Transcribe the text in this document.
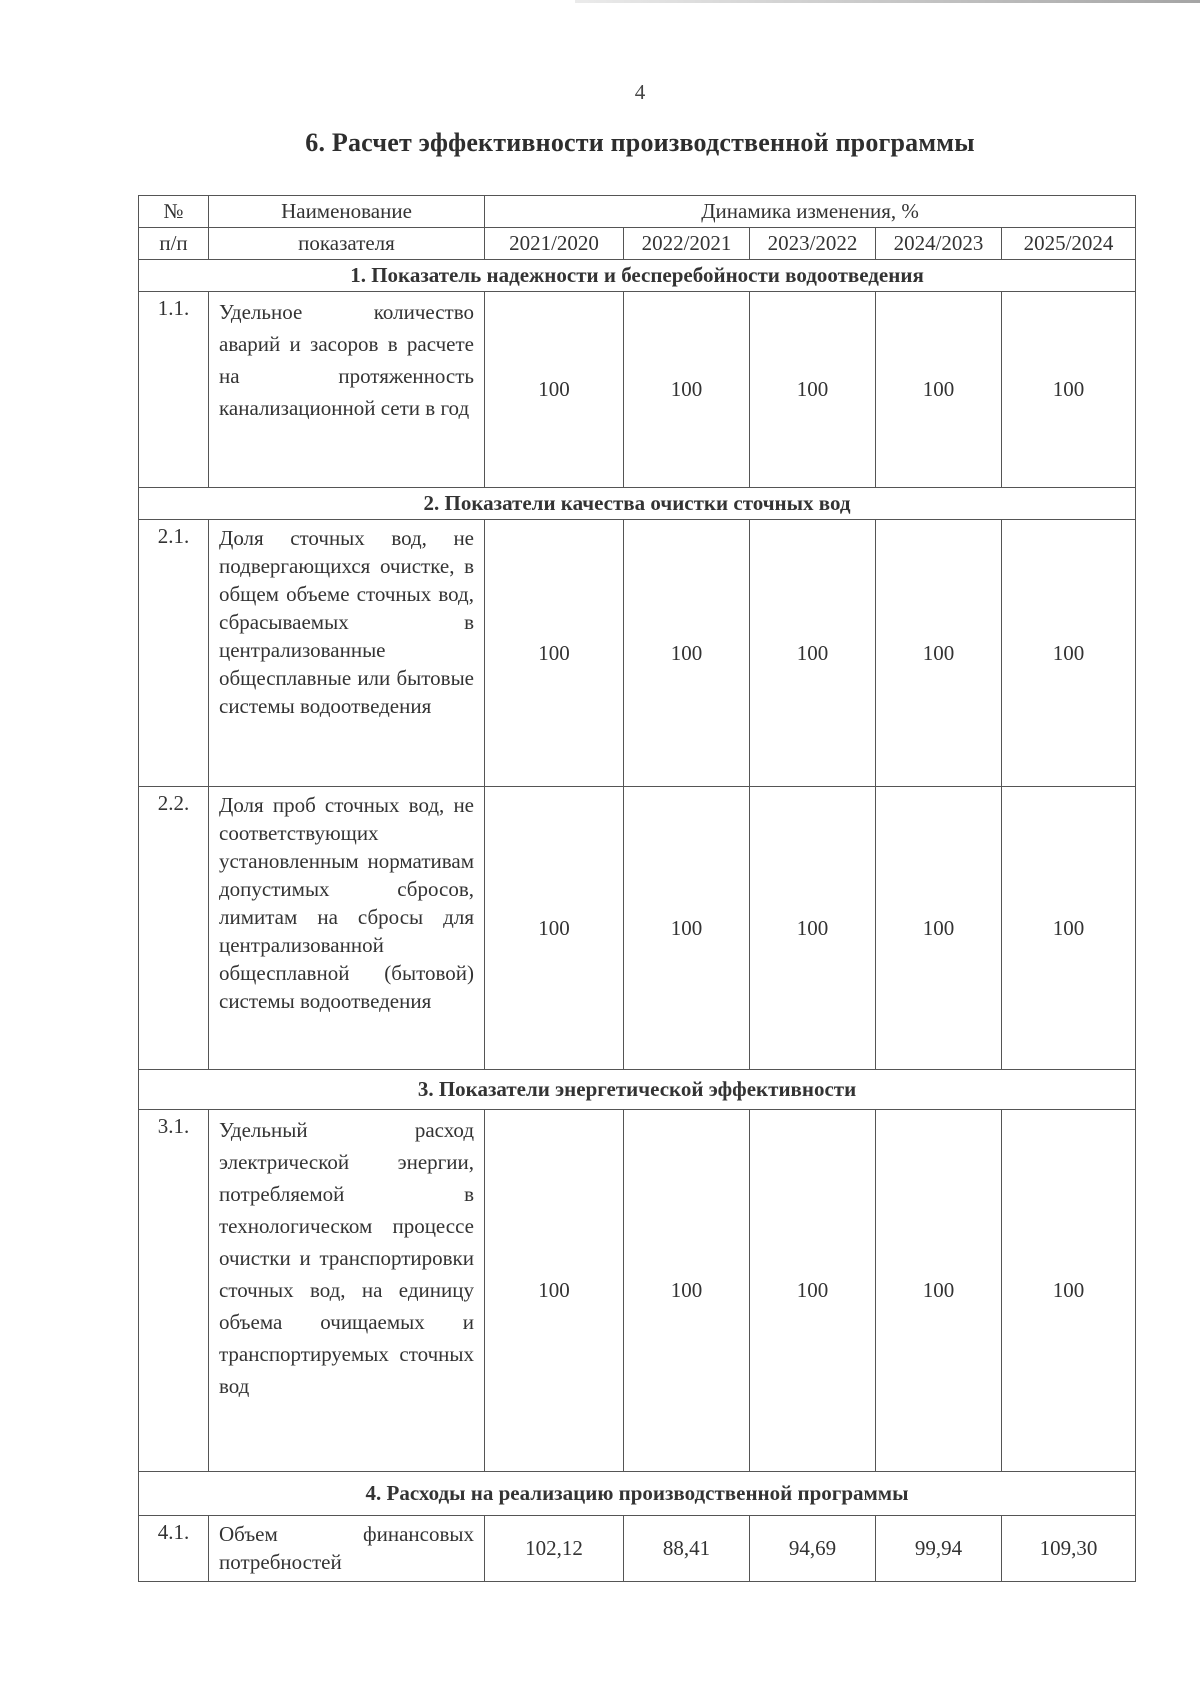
4
6. Расчет эффективности производственной программы
№	Наименование	Динамика изменения, %				
п/п	показателя	2021/2020	2022/2021	2023/2022	2024/2023	2025/2024
1. Показатель надежности и бесперебойности водоотведения						
1.1.	Удельное количество аварий и засоров в расчете на протяженность канализационной сети в год	100	100	100	100	100
2. Показатели качества очистки сточных вод						
2.1.	Доля сточных вод, не подвергающихся очистке, в общем объеме сточных вод, сбрасываемых в централизованные общесплавные или бытовые системы водоотведения	100	100	100	100	100
2.2.	Доля проб сточных вод, не соответствующих установленным нормативам допустимых сбросов, лимитам на сбросы для централизованной общесплавной (бытовой) системы водоотведения	100	100	100	100	100
3. Показатели энергетической эффективности						
3.1.	Удельный расход электрической энергии, потребляемой в технологическом процессе очистки и транспортировки сточных вод, на единицу объема очищаемых и транспортируемых сточных вод	100	100	100	100	100
4. Расходы на реализацию производственной программы						
4.1.	Объем финансовых потребностей	102,12	88,41	94,69	99,94	109,30
